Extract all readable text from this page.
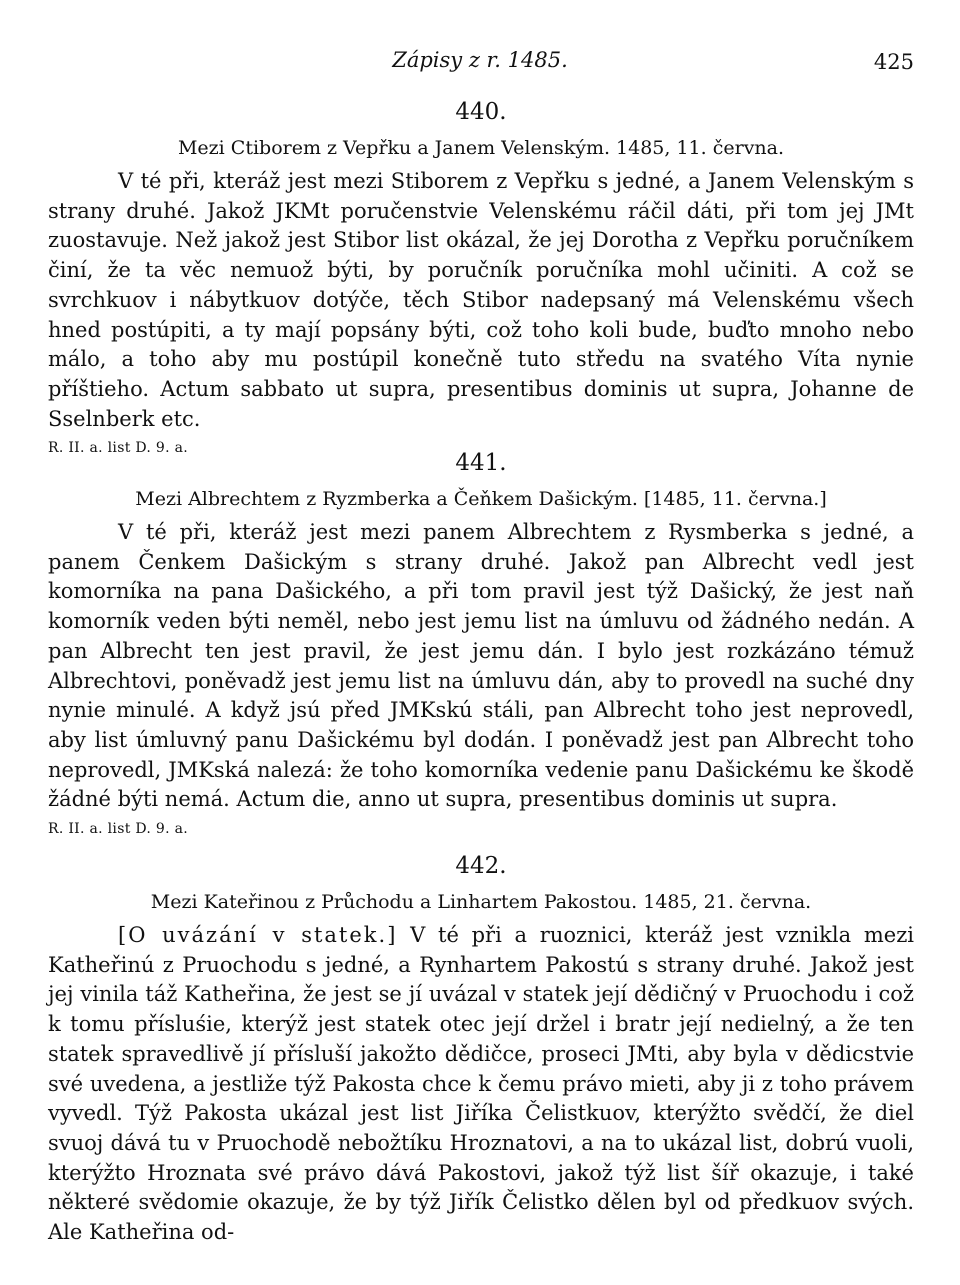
Zápisy z r. 1485.	425
440.
Mezi Ctiborem z Vepřku a Janem Velenským. 1485, 11. června.

V té při, kteráž jest mezi Stiborem z Vepřku s jedné, a Janem Velenským s strany druhé. Jakož JKMt poručenstvie Velenskému ráčil dáti, při tom jej JMt zuostavuje. Než jakož jest Stibor list okázal, že jej Dorotha z Vepřku poručníkem činí, že ta věc nemuož býti, by poručník poručníka mohl učiniti. A což se svrchkuov i nábytkuov dotýče, těch Stibor nadepsaný má Velenskému všech hned postúpiti, a ty mají popsány býti, což toho koli bude, buďto mnoho nebo málo, a toho aby mu postúpil konečně tuto středu na svatého Víta nynie příštieho. Actum sabbato ut supra, presentibus dominis ut supra, Johanne de Sselnberk etc.

R. II. a. list D. 9. a.
441.
Mezi Albrechtem z Ryzmberka a Čeňkem Dašickým. [1485, 11. června.]

V té při, kteráž jest mezi panem Albrechtem z Rysmberka s jedné, a panem Čenkem Dašickým s strany druhé. Jakož pan Albrecht vedl jest komorníka na pana Dašického, a při tom pravil jest týž Dašický, že jest naň komorník veden býti neměl, nebo jest jemu list na úmluvu od žádného nedán. A pan Albrecht ten jest pravil, že jest jemu dán. I bylo jest rozkázáno témuž Albrechtovi, poněvadž jest jemu list na úmluvu dán, aby to provedl na suché dny nynie minulé. A když jsú před JMKskú stáli, pan Albrecht toho jest neprovedl, aby list úmluvný panu Dašickému byl dodán. I poněvadž jest pan Albrecht toho neprovedl, JMKská nalezá: že toho komorníka vedenie panu Dašickému ke škodě žádné býti nemá. Actum die, anno ut supra, presentibus dominis ut supra.

R. II. a. list D. 9. a.
442.
Mezi Kateřinou z Průchodu a Linhartem Pakostou. 1485, 21. června.

[O uvázání v statek.] V té při a ruoznici, kteráž jest vznikla mezi Katheřinú z Pruochodu s jedné, a Rynhartem Pakostú s strany druhé. Jakož jest jej vinila táž Katheřina, že jest se jí uvázal v statek její dědičný v Pruochodu i což k tomu přísluśie, kterýž jest statek otec její držel i bratr její nedielný, a že ten statek spravedlivě jí přísluší jakožto dědičce, proseci JMti, aby byla v dědicstvie své uvedena, a jestliže týž Pakosta chce k čemu právo mieti, aby ji z toho právem vyvedl. Týž Pakosta ukázal jest list Jiříka Čelistkuov, kterýžto svědčí, že diel svuoj dává tu v Pruochodě nebožtíku Hroznatovi, a na to ukázal list, dobrú vuoli, kterýžto Hroznata své právo dává Pakostovi, jakož týž list šíř okazuje, i také některé svědomie okazuje, že by týž Jiřík Čelistko dělen byl od předkuov svých. Ale Katheřina od-
